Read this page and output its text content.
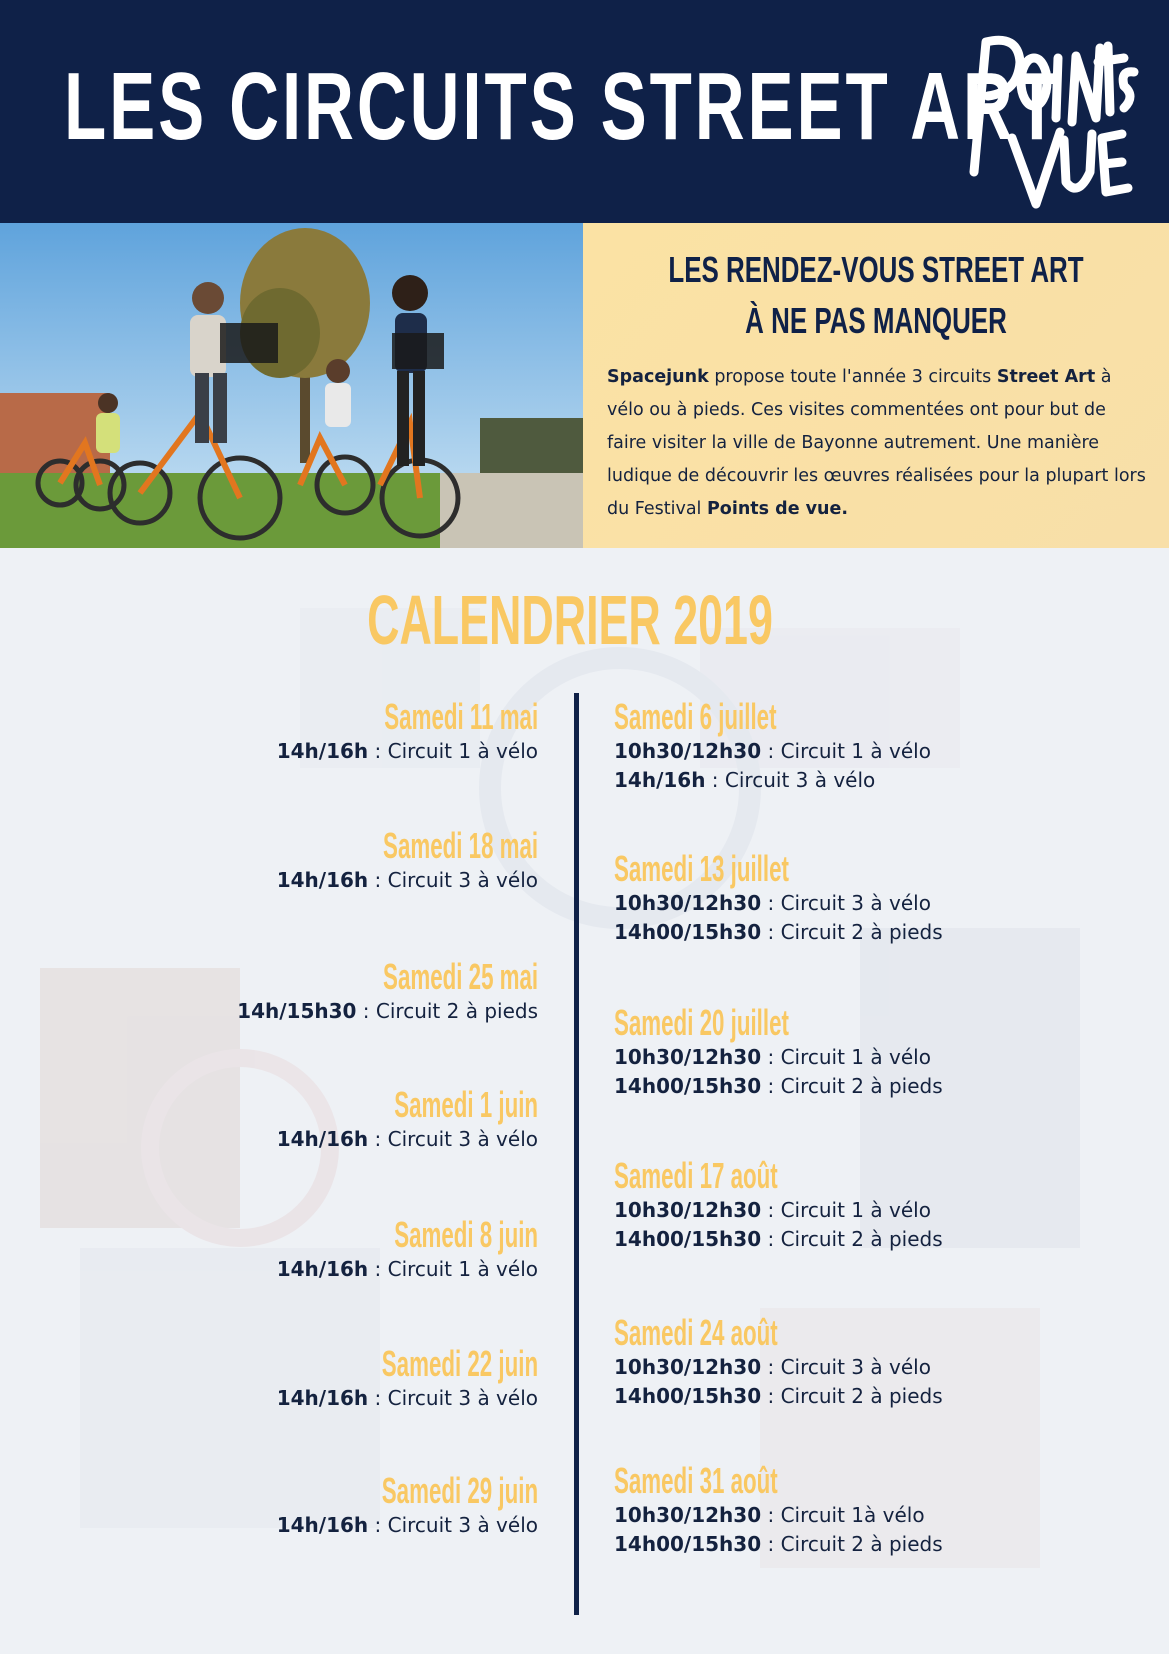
LES CIRCUITS STREET ART
LES RENDEZ-VOUS STREET ART
À NE PAS MANQUER
Spacejunk propose toute l'année 3 circuits Street Art à vélo ou à pieds. Ces visites commentées ont pour but de faire visiter la ville de Bayonne autrement. Une manière ludique de découvrir les œuvres réalisées pour la plupart lors du Festival Points de vue.
CALENDRIER 2019
Samedi 11 mai
14h/16h : Circuit 1 à vélo
Samedi 18 mai
14h/16h : Circuit 3 à vélo
Samedi 25 mai
14h/15h30 : Circuit 2 à pieds
Samedi 1 juin
14h/16h : Circuit 3 à vélo
Samedi 8 juin
14h/16h : Circuit 1 à vélo
Samedi 22 juin
14h/16h : Circuit 3 à vélo
Samedi 29 juin
14h/16h : Circuit 3 à vélo
Samedi 6 juillet
10h30/12h30 : Circuit 1 à vélo
14h/16h : Circuit 3 à vélo
Samedi 13 juillet
10h30/12h30 : Circuit 3 à vélo
14h00/15h30 : Circuit 2 à pieds
Samedi 20 juillet
10h30/12h30 : Circuit 1 à vélo
14h00/15h30 : Circuit 2 à pieds
Samedi 17 août
10h30/12h30 : Circuit 1 à vélo
14h00/15h30 : Circuit 2 à pieds
Samedi 24 août
10h30/12h30 : Circuit 3 à vélo
14h00/15h30 : Circuit 2 à pieds
Samedi 31 août
10h30/12h30 : Circuit 1à vélo
14h00/15h30 : Circuit 2 à pieds
